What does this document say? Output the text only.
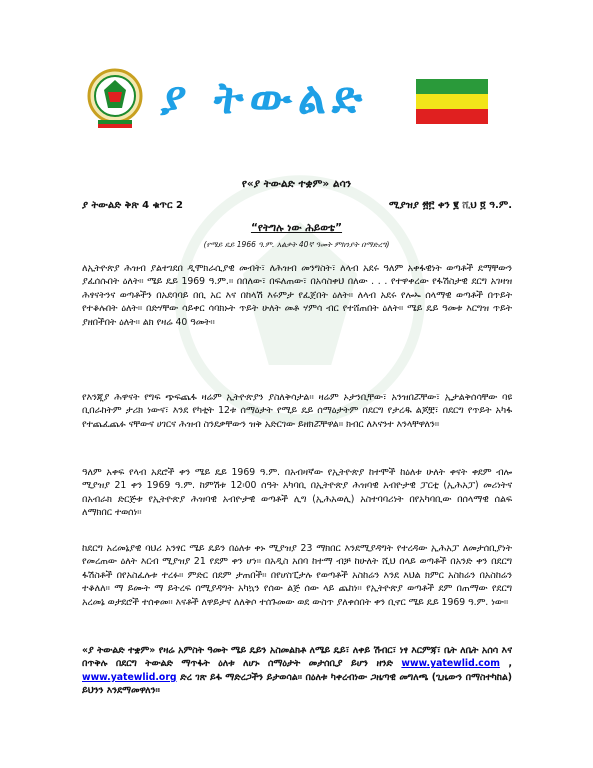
ያ ትውልድ
የ«ያ ትውልድ ተቋም» ልሳን
ያ ትውልድ ቅጽ 4 ቁጥር 2	ሚያዝያ ፳፫ ቀን ፪ ሺህ ፬ ዓ.ም.
“የትግሉ ነው ሕይወቴ”
(የሜይ ዴይ 1966 ዓ.ም. አልቃት 40ኛ ዓመት ምክንያት በማድረግ)
ለኢትዮጵያ ሕዝብ ያልተገደበ ዲሞክራሲያዊ መብት፣ ለሕዝብ መንግስት፣ ለላብ አደሩ ዓለም አቀፋዊነት ወጣቶች ደማቸውን ያፈሰሱበት ዕለት። ሜይ ዴይ 1969 ዓ.ም.። በበለው፣ በፍለጠው፣ በአሳስቀህ በለው . . . የተዋቀረው የፋሽስታዊ ደርግ አገዛዝ ሕፃናትንና ወጣቶችን በአደባባይ በቢ አር እና በከላሽ እሩምታ የፈጀበት ዕለት። ለላብ አደሩ የሎኡ ሰላማዊ ወጣቶች በጥይት የተቆሉበት ዕለት። በድሃቸው ሳይቀር ሳባክኑት ጥይት ሁለት መቶ ሃምሳ ብር የተሸጠበት ዕለት። ሜይ ዴይ ዓመቱ እርግዝ ጥይት ያዘበችበት ዕለት። ልክ የዛሬ 40 ዓመት።
የእንጂያ ሕዋናት የግፍ ጭፍጨፋ ዛሬም ኢትዮጵያን ያስለቅሳታል። ዛሬም ኦታንቢቸው፣ አንዝበሯቸው፣ ኢታልቅሰሳቸው ባዩ ቢበራከትም ታሪክ ነውና፣ እንደ የካቲት 12ቱ ሰማዕታት የሚይ ዴይ ሰማዕታትም በደርግ የታረዱ ልጆቿ፣ በደርግ የጥይት አካፋ የተጨፈጨፉ ናቸውና ሀገርና ሕዝብ ስንደቃቸውን ዝቅ አድርገው ይዘክሯቸዋል። ክብር ለእናንተ እንላቸዋለን።
ዓለም አቀፍ የላብ አደሮች ቀን ሜይ ዴይ 1969 ዓ.ም. በአብዛኛው የኢትዮጵያ ከተሞች ከዕለቱ ሁለት ቀናት ቀደም ብሎ ሚያዝያ 21 ቀን 1969 ዓ.ም. ከምሽቱ 12፡00 ሰዓት አካባቢ በኢትዮጵያ ሕዝባዊ አብዮታዊ ፓርቲ (ኢሕአፓ) መሪነትና በአብራክ ድርጅቱ የኢትዮጵያ ሕዝባዊ አብዮታዊ ወጣቶች ሊግ (ኢሕአወሊ) አስተባባሪነት በየአካባቢው በሰላማዊ ሰልፍ ለማክበር ተወሰነ።
ከደርግ አረመኔያዊ ባህሪ አንፃር ሜይ ዴይን በዕለቱ ቀኑ ሚያዝያ 23 ማክበር እንደሚያዳግት የተረዳው ኢሕአፓ ለመታሰቢያነት የመረጠው ዕለት እርብ ሚያዝያ 21 የደም ቀን ሆነ። በአዲስ አበባ ከተማ ብቻ ከሁለት ሺህ በላይ ወጣቶች በአንድ ቀን በደርግ ፋሽስቶች በየአስፈሉቱ ተረፉ። ምድር በደም ታጠበች። በየሆስፒታሉ የወጣቶች አስከሬን እንደ እህል ክምር አስከሬን በአስከሬን ተቆለለ። ማ ይሙት ማ ይትረፍ በሚያዳግት አካኳን የሰው ልጅ ሰው ላይ ጨከነ። የኢትዮጵያ ወጣቶች ደም በጠማው የደርግ አረመኔ ወታደሮች ተሰቀመ። እናቶች ለዋይታና ለለቅሶ ተሰጉመው ወደ ውስጥ ያለቀሰበት ቀን ቢኖር ሜይ ዴይ 1969 ዓ.ም. ነው።
«ያ ትውልድ ተቋም» የዛሬ አምስት ዓመት ሜይ ዴይን አስመልክቶ ለሜይ ዴይ፣ ለቀይ ሽብር፣ ነፃ እርምጃ፣ ቤት ለቤት አሰሳ እና በጥቅሉ በደርግ ትውልድ ማጥፋት ዕለቱ ለሆኑ ሰማዕታት መታሰቢያ ይሆን ዘንድ www.yatewlid.com , www.yatewlid.org ድረ ገጽ ይፋ ማድረጋችን ይታወሳል። በዕለቱ ካቀረብነው ጋዜጣዊ መግለጫ (ጊዜውን በማስተካከል) ይህንን እንደማመዋለን።
